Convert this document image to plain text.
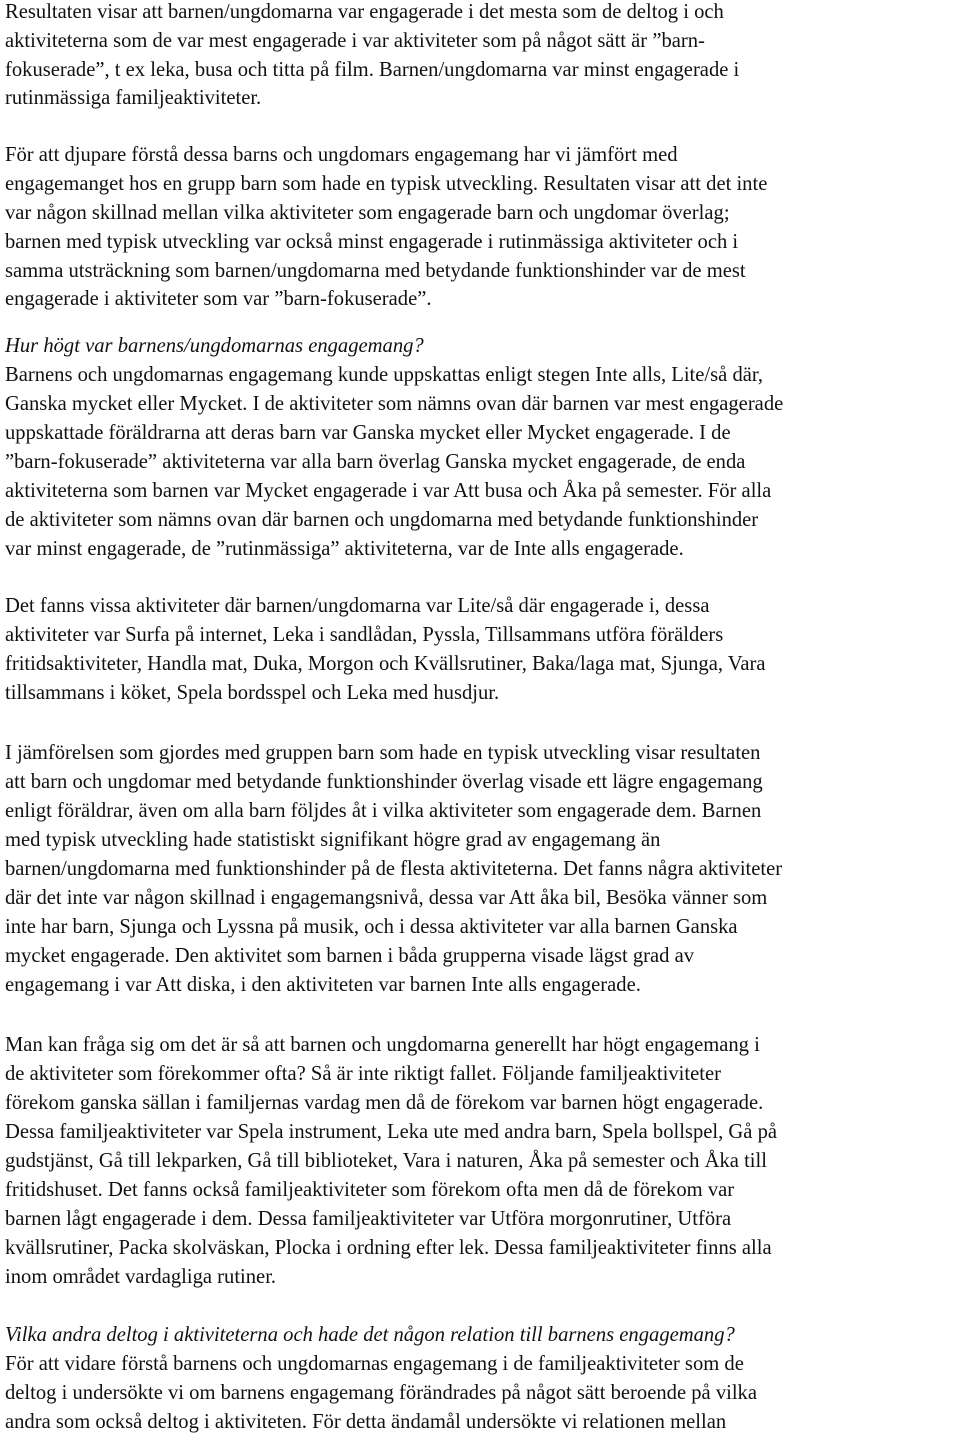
Resultaten visar att barnen/ungdomarna var engagerade i det mesta som de deltog i och
aktiviteterna som de var mest engagerade i var aktiviteter som på något sätt är ”barn-
fokuserade”, t ex leka, busa och titta på film. Barnen/ungdomarna var minst engagerade i
rutinmässiga familjeaktiviteter.
För att djupare förstå dessa barns och ungdomars engagemang har vi jämfört med
engagemanget hos en grupp barn som hade en typisk utveckling. Resultaten visar att det inte
var någon skillnad mellan vilka aktiviteter som engagerade barn och ungdomar överlag;
barnen med typisk utveckling var också minst engagerade i rutinmässiga aktiviteter och i
samma utsträckning som barnen/ungdomarna med betydande funktionshinder var de mest
engagerade i aktiviteter som var ”barn-fokuserade”.
Hur högt var barnens/ungdomarnas engagemang?
Barnens och ungdomarnas engagemang kunde uppskattas enligt stegen Inte alls, Lite/så där,
Ganska mycket eller Mycket. I de aktiviteter som nämns ovan där barnen var mest engagerade
uppskattade föräldrarna att deras barn var Ganska mycket eller Mycket engagerade. I de
”barn-fokuserade” aktiviteterna var alla barn överlag Ganska mycket engagerade, de enda
aktiviteterna som barnen var Mycket engagerade i var Att busa och Åka på semester. För alla
de aktiviteter som nämns ovan där barnen och ungdomarna med betydande funktionshinder
var minst engagerade, de ”rutinmässiga” aktiviteterna, var de Inte alls engagerade.
Det fanns vissa aktiviteter där barnen/ungdomarna var Lite/så där engagerade i, dessa
aktiviteter var Surfa på internet, Leka i sandlådan, Pyssla, Tillsammans utföra förälders
fritidsaktiviteter, Handla mat, Duka, Morgon och Kvällsrutiner, Baka/laga mat, Sjunga, Vara
tillsammans i köket, Spela bordsspel och Leka med husdjur.
I jämförelsen som gjordes med gruppen barn som hade en typisk utveckling visar resultaten
att barn och ungdomar med betydande funktionshinder överlag visade ett lägre engagemang
enligt föräldrar, även om alla barn följdes åt i vilka aktiviteter som engagerade dem. Barnen
med typisk utveckling hade statistiskt signifikant högre grad av engagemang än
barnen/ungdomarna med funktionshinder på de flesta aktiviteterna. Det fanns några aktiviteter
där det inte var någon skillnad i engagemangsnivå, dessa var Att åka bil, Besöka vänner som
inte har barn, Sjunga och Lyssna på musik, och i dessa aktiviteter var alla barnen Ganska
mycket engagerade. Den aktivitet som barnen i båda grupperna visade lägst grad av
engagemang i var Att diska, i den aktiviteten var barnen Inte alls engagerade.
Man kan fråga sig om det är så att barnen och ungdomarna generellt har högt engagemang i
de aktiviteter som förekommer ofta? Så är inte riktigt fallet. Följande familjeaktiviteter
förekom ganska sällan i familjernas vardag men då de förekom var barnen högt engagerade.
Dessa familjeaktiviteter var Spela instrument, Leka ute med andra barn, Spela bollspel, Gå på
gudstjänst, Gå till lekparken, Gå till biblioteket, Vara i naturen, Åka på semester och Åka till
fritidshuset. Det fanns också familjeaktiviteter som förekom ofta men då de förekom var
barnen lågt engagerade i dem. Dessa familjeaktiviteter var Utföra morgonrutiner, Utföra
kvällsrutiner, Packa skolväskan, Plocka i ordning efter lek. Dessa familjeaktiviteter finns alla
inom området vardagliga rutiner.
Vilka andra deltog i aktiviteterna och hade det någon relation till barnens engagemang?
För att vidare förstå barnens och ungdomarnas engagemang i de familjeaktiviteter som de
deltog i undersökte vi om barnens engagemang förändrades på något sätt beroende på vilka
andra som också deltog i aktiviteten. För detta ändamål undersökte vi relationen mellan
